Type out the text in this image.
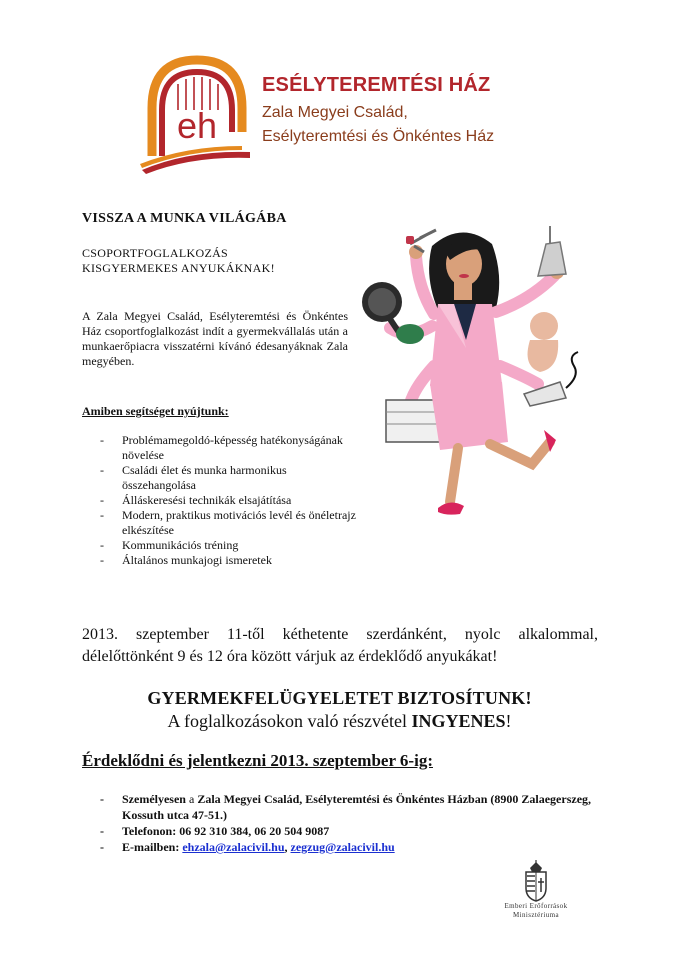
eh
ESÉLYTEREMTÉSI HÁZ
Zala Megyei Család,
Esélyteremtési és Önkéntes Ház
VISSZA A MUNKA VILÁGÁBA
CSOPORTFOGLALKOZÁS
KISGYERMEKES ANYUKÁKNAK!
A Zala Megyei Család, Esélyteremtési és Önkéntes Ház csoportfoglalkozást indít a gyermekvállalás után a munkaerőpiacra visszatérni kívánó édesanyáknak Zala megyében.
Amiben segítséget nyújtunk:
- Problémamegoldó-képesség hatékonyságának növelése
- Családi élet és munka harmonikus összehangolása
- Álláskeresési technikák elsajátítása
- Modern, praktikus motivációs levél és önéletrajz elkészítése
- Kommunikációs tréning
- Általános munkajogi ismeretek
2013. szeptember 11-től kéthetente szerdánként, nyolc alkalommal, délelőttönként 9 és 12 óra között várjuk az érdeklődő anyukákat!
GYERMEKFELÜGYELETET BIZTOSÍTUNK!
A foglalkozásokon való részvétel INGYENES!
Érdeklődni és jelentkezni 2013. szeptember 6-ig:
- Személyesen a Zala Megyei Család, Esélyteremtési és Önkéntes Házban (8900 Zalaegerszeg, Kossuth utca 47-51.)
- Telefonon: 06 92 310 384, 06 20 504 9087
- E-mailben: ehzala@zalacivil.hu, zegzug@zalacivil.hu
Emberi Erőforrások
Minisztériuma
